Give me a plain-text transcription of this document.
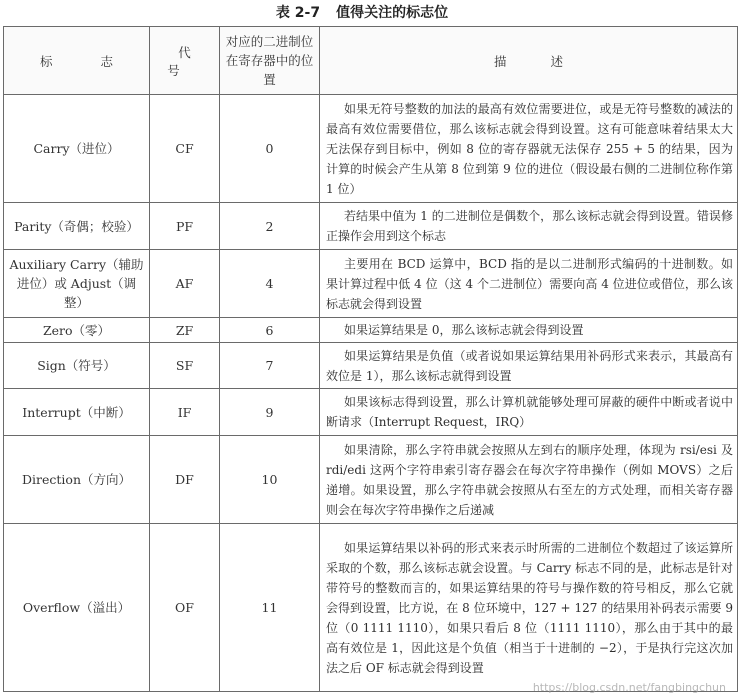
表 2-7 值得关注的标志位
标 志	代 号	对应的二进制位在寄存器中的位置	描 述
Carry（进位）	CF	0	如果无符号整数的加法的最高有效位需要进位，或是无符号整数的减法的最高有效位需要借位，那么该标志就会得到设置。这有可能意味着结果太大无法保存到目标中，例如 8 位的寄存器就无法保存 255 + 5 的结果，因为计算的时候会产生从第 8 位到第 9 位的进位（假设最右侧的二进制位称作第 1 位）
Parity（奇偶；校验）	PF	2	若结果中值为 1 的二进制位是偶数个，那么该标志就会得到设置。错误修正操作会用到这个标志
Auxiliary Carry（辅助进位）或 Adjust（调整）	AF	4	主要用在 BCD 运算中，BCD 指的是以二进制形式编码的十进制数。如果计算过程中低 4 位（这 4 个二进制位）需要向高 4 位进位或借位，那么该标志就会得到设置
Zero（零）	ZF	6	如果运算结果是 0，那么该标志就会得到设置
Sign（符号）	SF	7	如果运算结果是负值（或者说如果运算结果用补码形式来表示，其最高有效位是 1），那么该标志就得到设置
Interrupt（中断）	IF	9	如果该标志得到设置，那么计算机就能够处理可屏蔽的硬件中断或者说中断请求（Interrupt Request，IRQ）
Direction（方向）	DF	10	如果清除，那么字符串就会按照从左到右的顺序处理，体现为 rsi/esi 及 rdi/edi 这两个字符串索引寄存器会在每次字符串操作（例如 MOVS）之后递增。如果设置，那么字符串就会按照从右至左的方式处理，而相关寄存器则会在每次字符串操作之后递减
Overflow（溢出）	OF	11	如果运算结果以补码的形式来表示时所需的二进制位个数超过了该运算所采取的个数，那么该标志就会设置。与 Carry 标志不同的是，此标志是针对带符号的整数而言的，如果运算结果的符号与操作数的符号相反，那么它就会得到设置，比方说，在 8 位环境中，127 + 127 的结果用补码表示需要 9 位（0 1111 1110），如果只看后 8 位（1111 1110），那么由于其中的最高有效位是 1，因此这是个负值（相当于十进制的 −2），于是执行完这次加法之后 OF 标志就会得到设置
https://blog.csdn.net/fangbingchun
